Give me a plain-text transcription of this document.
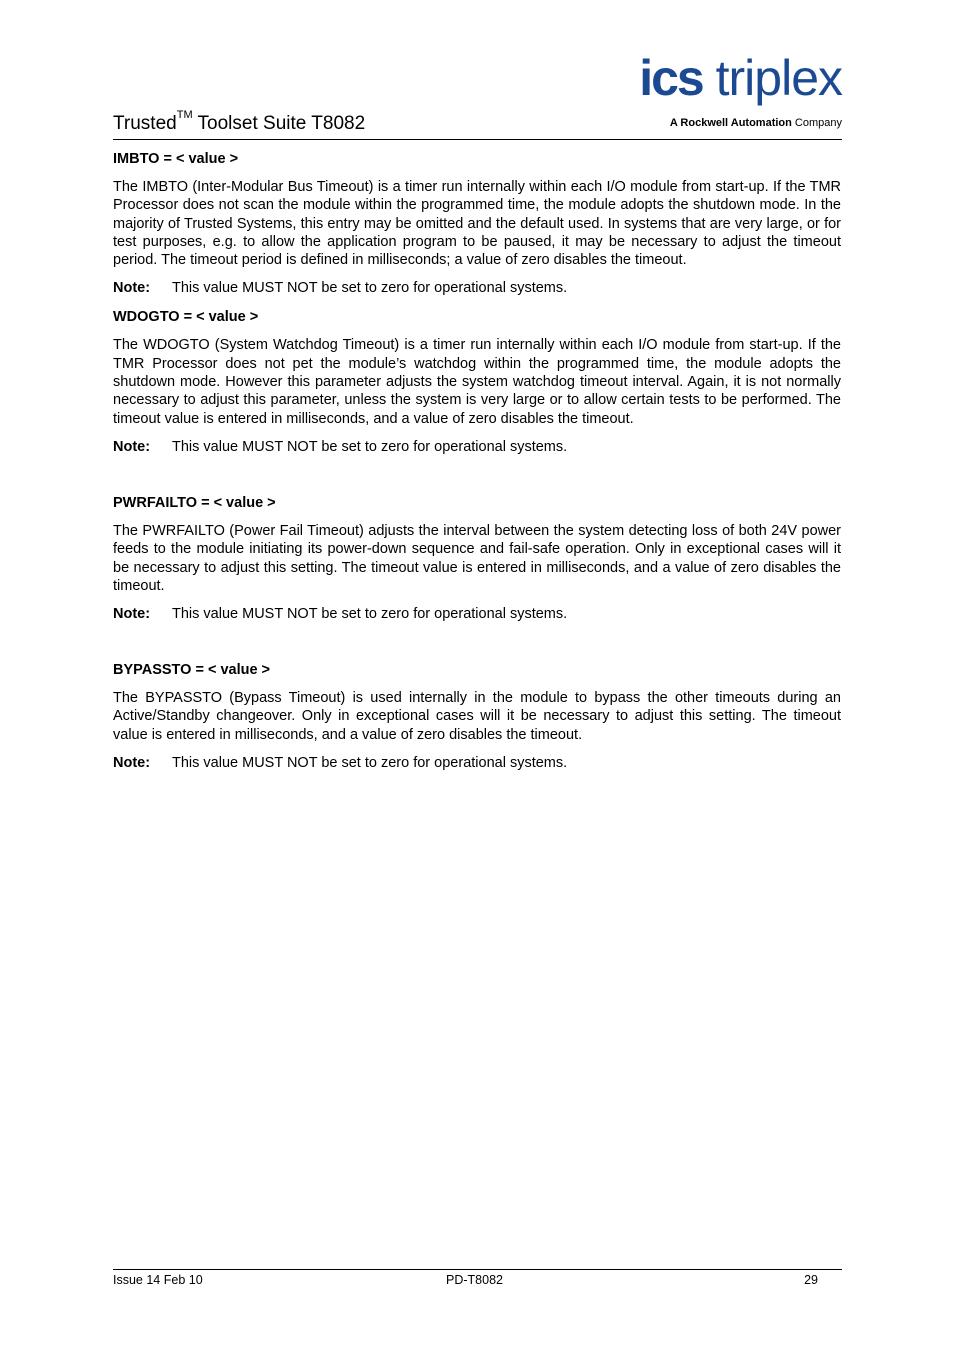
Trusted™ Toolset Suite T8082
ics triplex
A Rockwell Automation Company
IMBTO = < value >

The IMBTO (Inter-Modular Bus Timeout) is a timer run internally within each I/O module from start-up. If the TMR Processor does not scan the module within the programmed time, the module adopts the shutdown mode. In the majority of Trusted Systems, this entry may be omitted and the default used. In systems that are very large, or for test purposes, e.g. to allow the application program to be paused, it may be necessary to adjust the timeout period. The timeout period is defined in milliseconds; a value of zero disables the timeout.

Note: This value MUST NOT be set to zero for operational systems.
WDOGTO = < value >

The WDOGTO (System Watchdog Timeout) is a timer run internally within each I/O module from start-up. If the TMR Processor does not pet the module’s watchdog within the programmed time, the module adopts the shutdown mode. However this parameter adjusts the system watchdog timeout interval. Again, it is not normally necessary to adjust this parameter, unless the system is very large or to allow certain tests to be performed. The timeout value is entered in milliseconds, and a value of zero disables the timeout.

Note: This value MUST NOT be set to zero for operational systems.
PWRFAILTO = < value >

The PWRFAILTO (Power Fail Timeout) adjusts the interval between the system detecting loss of both 24V power feeds to the module initiating its power-down sequence and fail-safe operation. Only in exceptional cases will it be necessary to adjust this setting. The timeout value is entered in milliseconds, and a value of zero disables the timeout.

Note: This value MUST NOT be set to zero for operational systems.
BYPASSTO = < value >

The BYPASSTO (Bypass Timeout) is used internally in the module to bypass the other timeouts during an Active/Standby changeover. Only in exceptional cases will it be necessary to adjust this setting. The timeout value is entered in milliseconds, and a value of zero disables the timeout.

Note: This value MUST NOT be set to zero for operational systems.
Issue 14 Feb 10	PD-T8082	29
